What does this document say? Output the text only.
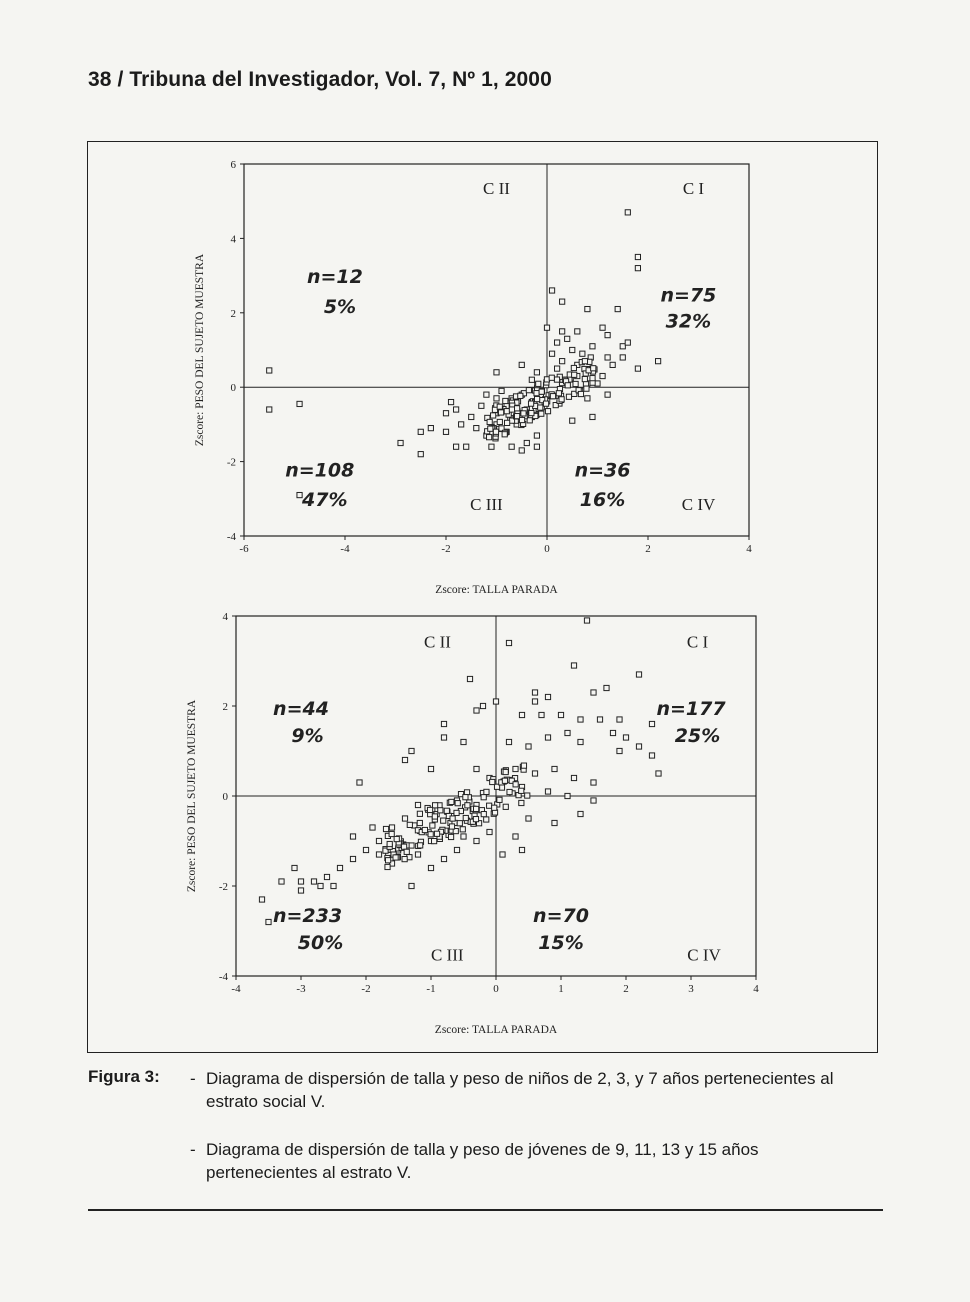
38 / Tribuna del Investigador, Vol. 7, Nº 1, 2000
-6	-4	-2	0	2	4
-4
-2
0
2
4
6
Zscore: TALLA PARADA
Zscore: PESO DEL SUJETO MUESTRA
C II	C I
C III	C IV
n=12
5%
n=75
32%
n=108
47%
n=36
16%
-4	-3	-2	-1	0	1	2	3	4
-4
-2
0
2
4
Zscore: TALLA PARADA
Zscore: PESO DEL SUJETO MUESTRA
C II	C I
C III	C IV
n=44
9%
n=177
25%
n=233
50%
n=70
15%
Figura 3: - Diagrama de dispersión de talla y peso de niños de 2, 3, y 7 años pertenecientes al estrato social V.
- Diagrama de dispersión de talla y peso de jóvenes de 9, 11, 13 y 15 años pertenecientes al estrato V.
